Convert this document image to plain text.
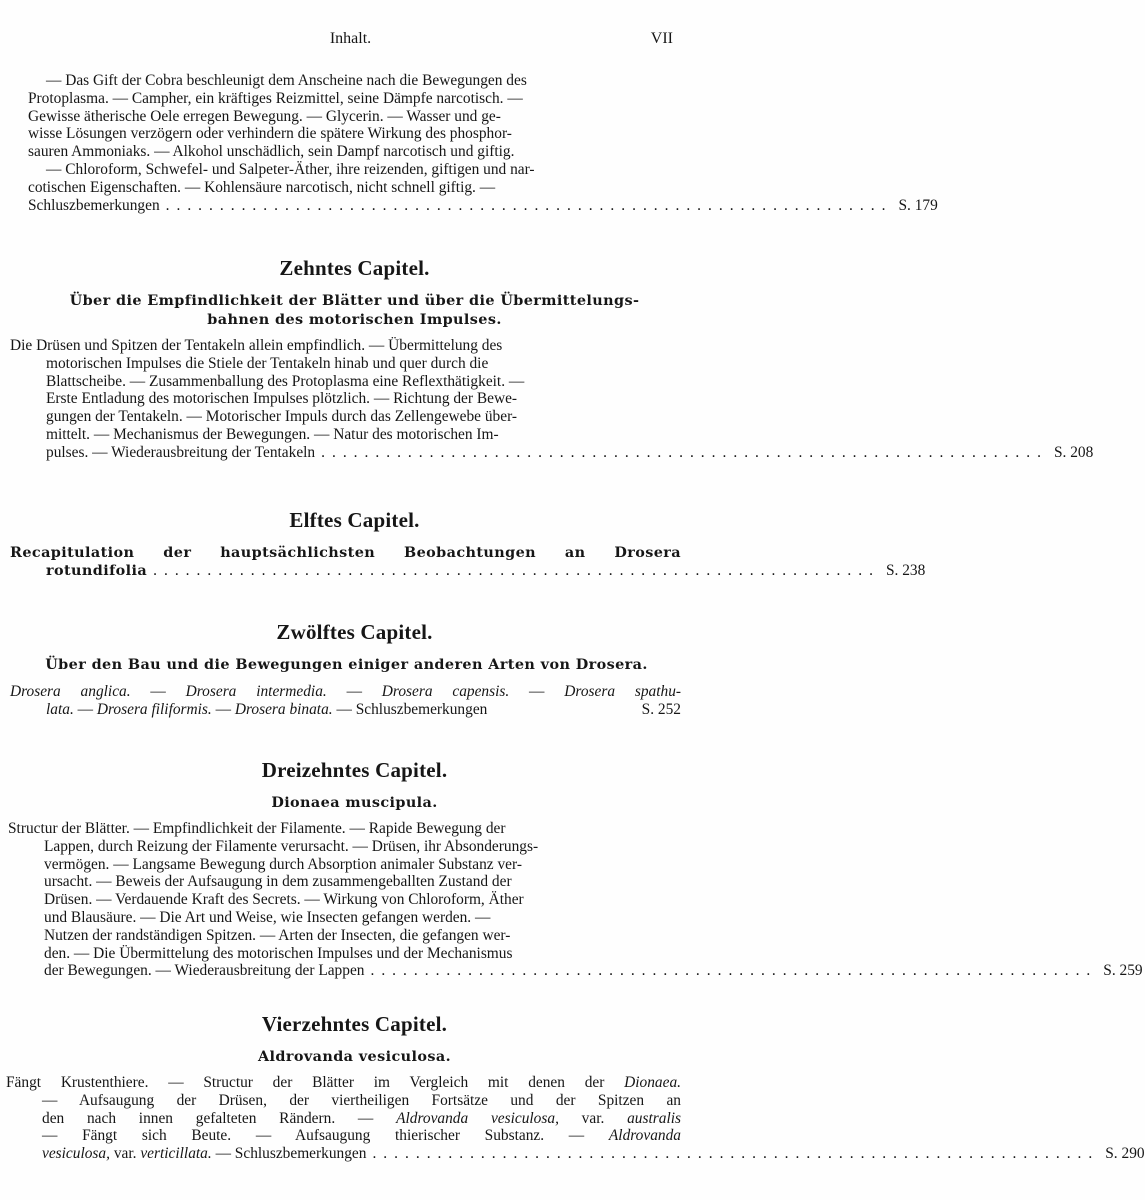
Inhalt.	VII
— Das Gift der Cobra beschleunigt dem Anscheine nach die Bewegungen des
Protoplasma. — Campher, ein kräftiges Reizmittel, seine Dämpfe narcotisch. —
Gewisse ätherische Oele erregen Bewegung. — Glycerin. — Wasser und ge-
wisse Lösungen verzögern oder verhindern die spätere Wirkung des phosphor-
sauren Ammoniaks. — Alkohol unschädlich, sein Dampf narcotisch und giftig.
— Chloroform, Schwefel- und Salpeter-Äther, ihre reizenden, giftigen und nar-
cotischen Eigenschaften. — Kohlensäure narcotisch, nicht schnell giftig. —
Schluszbemerkungen ................................................................... S. 179
Zehntes Capitel.
Über die Empfindlichkeit der Blätter und über die Übermittelungs-
bahnen des motorischen Impulses.
Die Drüsen und Spitzen der Tentakeln allein empfindlich. — Übermittelung des
motorischen Impulses die Stiele der Tentakeln hinab und quer durch die
Blattscheibe. — Zusammenballung des Protoplasma eine Reflexthätigkeit. —
Erste Entladung des motorischen Impulses plötzlich. — Richtung der Bewe-
gungen der Tentakeln. — Motorischer Impuls durch das Zellengewebe über-
mittelt. — Mechanismus der Bewegungen. — Natur des motorischen Im-
pulses. — Wiederausbreitung der Tentakeln ................................................................... S. 208
Elftes Capitel.
Recapitulation der hauptsächlichsten Beobachtungen an Drosera
rotundifolia ................................................................... S. 238
Zwölftes Capitel.
Über den Bau und die Bewegungen einiger anderen Arten von Drosera.
Drosera anglica. — Drosera intermedia. — Drosera capensis. — Drosera spathu-
lata. — Drosera filiformis. — Drosera binata. — Schluszbemerkungen	S. 252
Dreizehntes Capitel.
Dionaea muscipula.
Structur der Blätter. — Empfindlichkeit der Filamente. — Rapide Bewegung der
Lappen, durch Reizung der Filamente verursacht. — Drüsen, ihr Absonderungs-
vermögen. — Langsame Bewegung durch Absorption animaler Substanz ver-
ursacht. — Beweis der Aufsaugung in dem zusammengeballten Zustand der
Drüsen. — Verdauende Kraft des Secrets. — Wirkung von Chloroform, Äther
und Blausäure. — Die Art und Weise, wie Insecten gefangen werden. —
Nutzen der randständigen Spitzen. — Arten der Insecten, die gefangen wer-
den. — Die Übermittelung des motorischen Impulses und der Mechanismus
der Bewegungen. — Wiederausbreitung der Lappen ................................................................... S. 259
Vierzehntes Capitel.
Aldrovanda vesiculosa.
Fängt Krustenthiere. — Structur der Blätter im Vergleich mit denen der Dionaea.
— Aufsaugung der Drüsen, der viertheiligen Fortsätze und der Spitzen an
den nach innen gefalteten Rändern. — Aldrovanda vesiculosa, var. australis
— Fängt sich Beute. — Aufsaugung thierischer Substanz. — Aldrovanda
vesiculosa, var. verticillata. — Schluszbemerkungen ................................................................... S. 290
